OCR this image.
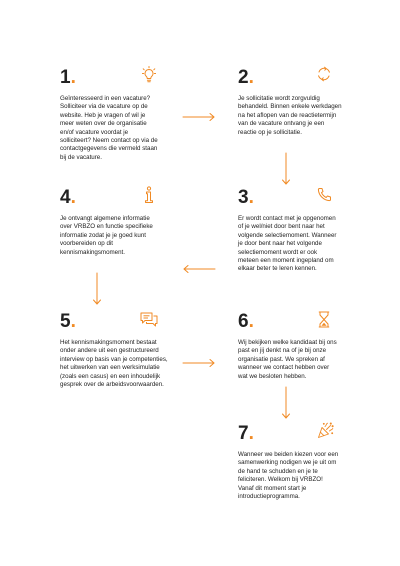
1.

Geïnteresseerd in een vacature? Solliciteer via de vacature op de website. Heb je vragen of wil je meer weten over de organisatie en/of vacature voordat je solliciteert? Neem contact op via de contactgegevens die vermeld staan bij de vacature.

2.

Je sollicitatie wordt zorgvuldig behandeld. Binnen enkele werkdagen na het aflopen van de reactietermijn van de vacature ontvang je een reactie op je sollicitatie.

3.

Er wordt contact met je opgenomen of je wel/niet door bent naar het volgende selectiemoment. Wanneer je door bent naar het volgende selectiemoment wordt er ook meteen een moment ingepland om elkaar beter te leren kennen.

4.

Je ontvangt algemene informatie over VRBZO en functie specifieke informatie zodat je je goed kunt voorbereiden op dit kennismakingsmoment.

5.

Het kennismakingsmoment bestaat onder andere uit een gestructureerd interview op basis van je competenties, het uitwerken van een werksimulatie (zoals een casus) en een inhoudelijk gesprek over de arbeidsvoorwaarden.

6.

Wij bekijken welke kandidaat bij ons past en jij denkt na of je bij onze organisatie past. We spreken af wanneer we contact hebben over wat we besloten hebben.

7.

Wanneer we beiden kiezen voor een samenwerking nodigen we je uit om de hand te schudden en je te feliciteren. Welkom bij VRBZO! Vanaf dit moment start je introductieprogramma.
